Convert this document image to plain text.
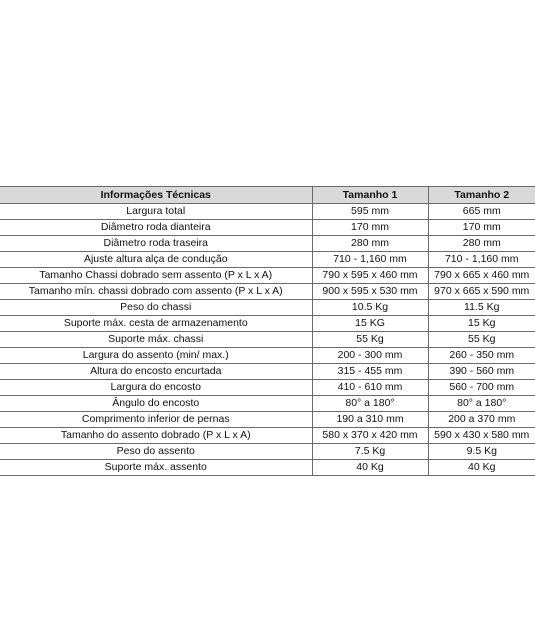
Informações Técnicas	Tamanho 1	Tamanho 2
Largura total	595 mm	665 mm
Diâmetro roda dianteira	170 mm	170 mm
Diâmetro roda traseira	280 mm	280 mm
Ajuste altura alça de condução	710 - 1,160 mm	710 - 1,160 mm
Tamanho Chassi dobrado sem assento (P x L x A)	790 x 595 x 460 mm	790 x 665 x 460 mm
Tamanho mín. chassi dobrado com assento (P x L x A)	900 x 595 x 530 mm	970 x 665 x 590 mm
Peso do chassi	10.5 Kg	11.5 Kg
Suporte máx. cesta de armazenamento	15 KG	15 Kg
Suporte máx. chassi	55 Kg	55 Kg
Largura do assento (min/ max.)	200 - 300 mm	260 - 350 mm
Altura do encosto encurtada	315 - 455 mm	390 - 560 mm
Largura do encosto	410 - 610 mm	560 - 700 mm
Ângulo do encosto	80° a 180°	80° a 180°
Comprimento inferior de pernas	190 a 310 mm	200 a 370 mm
Tamanho do assento dobrado (P x L x A)	580 x 370 x 420 mm	590 x 430 x 580 mm
Peso do assento	7.5 Kg	9.5 Kg
Suporte máx. assento	40 Kg	40 Kg
